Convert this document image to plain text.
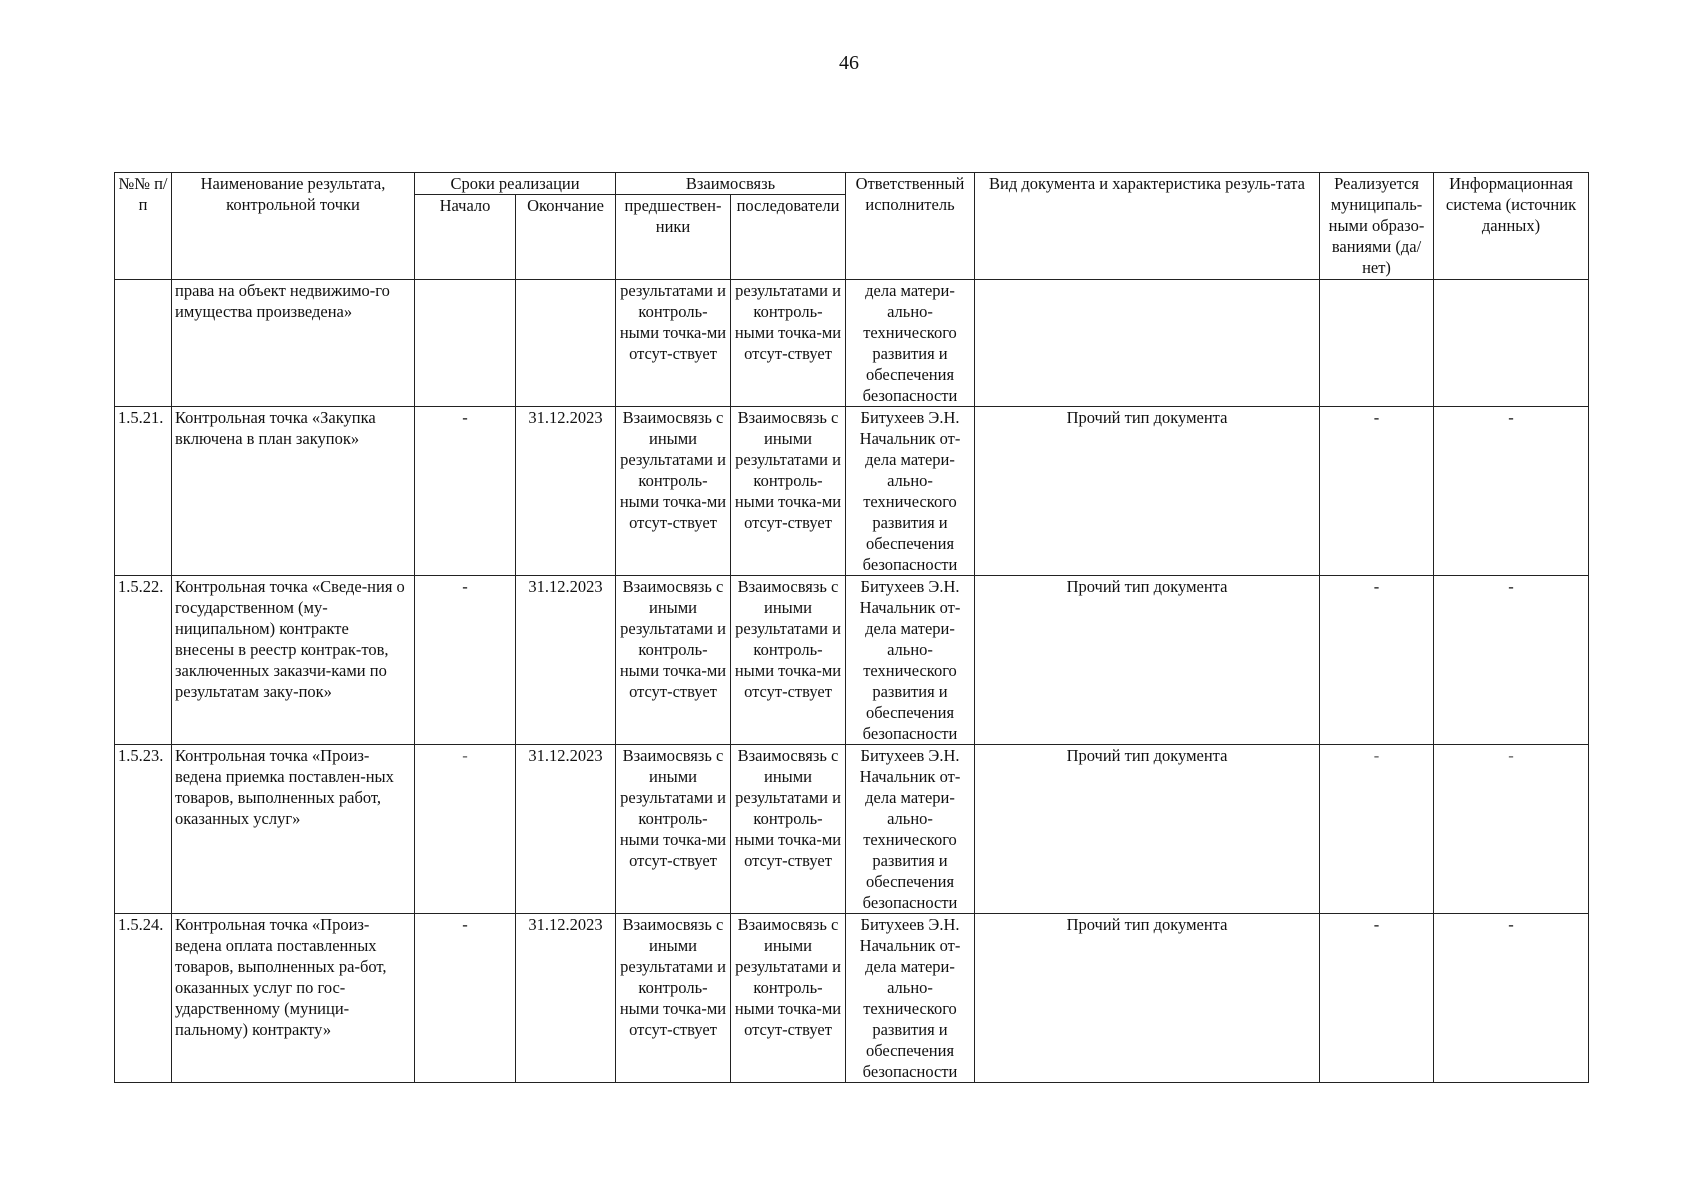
46
№№ п/п	Наименование результата, контрольной точки	Сроки реализации		Взаимосвязь		Ответственный исполнитель	Вид документа и характеристика резуль-тата	Реализуется муниципаль-ными образо-ваниями (да/нет)	Информационная система (источник данных)
		Начало	Окончание	предшествен-ники	последователи				
	права на объект недвижимо-го имущества произведена»			результатами и контроль-ными точка-ми отсут-ствует	результатами и контроль-ными точка-ми отсут-ствует	дела матери-ально-технического развития и обеспечения безопасности			
1.5.21.	Контрольная точка «Закупка включена в план закупок»	-	31.12.2023	Взаимосвязь с иными результатами и контроль-ными точка-ми отсут-ствует	Взаимосвязь с иными результатами и контроль-ными точка-ми отсут-ствует	Битухеев Э.Н. Начальник от-дела матери-ально-технического развития и обеспечения безопасности	Прочий тип документа	-	-
1.5.22.	Контрольная точка «Сведе-ния о государственном (му-ниципальном) контракте внесены в реестр контрак-тов, заключенных заказчи-ками по результатам заку-пок»	-	31.12.2023	Взаимосвязь с иными результатами и контроль-ными точка-ми отсут-ствует	Взаимосвязь с иными результатами и контроль-ными точка-ми отсут-ствует	Битухеев Э.Н. Начальник от-дела матери-ально-технического развития и обеспечения безопасности	Прочий тип документа	-	-
1.5.23.	Контрольная точка «Произ-ведена приемка поставлен-ных товаров, выполненных работ, оказанных услуг»	-	31.12.2023	Взаимосвязь с иными результатами и контроль-ными точка-ми отсут-ствует	Взаимосвязь с иными результатами и контроль-ными точка-ми отсут-ствует	Битухеев Э.Н. Начальник от-дела матери-ально-технического развития и обеспечения безопасности	Прочий тип документа	-	-
1.5.24.	Контрольная точка «Произ-ведена оплата поставленных товаров, выполненных ра-бот, оказанных услуг по гос-ударственному (муници-пальному) контракту»	-	31.12.2023	Взаимосвязь с иными результатами и контроль-ными точка-ми отсут-ствует	Взаимосвязь с иными результатами и контроль-ными точка-ми отсут-ствует	Битухеев Э.Н. Начальник от-дела матери-ально-технического развития и обеспечения безопасности	Прочий тип документа	-	-
